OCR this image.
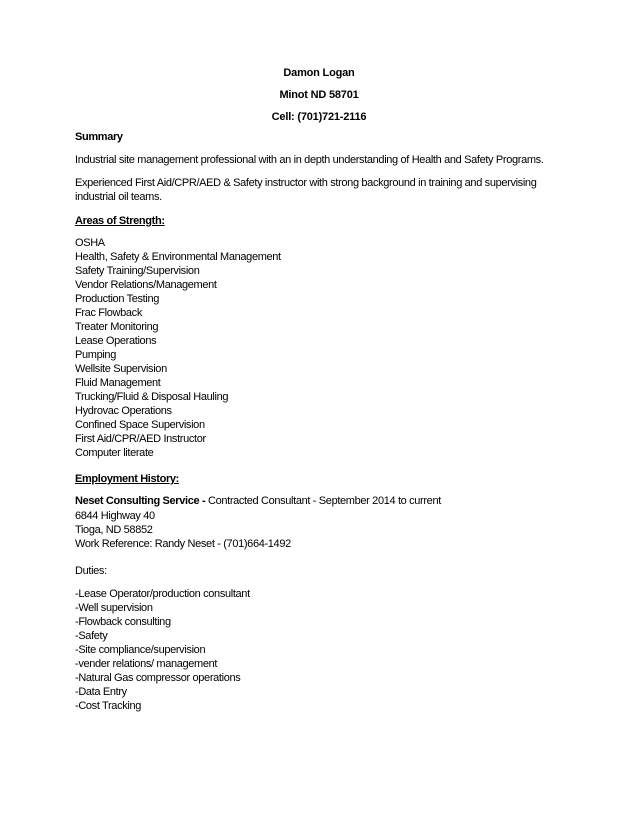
Damon Logan
Minot ND 58701
Cell: (701)721-2116
Summary
Industrial site management professional with an in depth understanding of Health and Safety Programs.
Experienced First Aid/CPR/AED & Safety instructor with strong background in training and supervising industrial oil teams.
Areas of Strength:
OSHA
Health, Safety & Environmental Management
Safety Training/Supervision
Vendor Relations/Management
Production Testing
Frac Flowback
Treater Monitoring
Lease Operations
Pumping
Wellsite Supervision
Fluid Management
Trucking/Fluid & Disposal Hauling
Hydrovac Operations
Confined Space Supervision
First Aid/CPR/AED Instructor
Computer literate
Employment History:
Neset Consulting Service - Contracted Consultant - September 2014 to current
6844 Highway 40
Tioga, ND 58852
Work Reference: Randy Neset - (701)664-1492
Duties:
-Lease Operator/production consultant
-Well supervision
-Flowback consulting
-Safety
-Site compliance/supervision
-vender relations/ management
-Natural Gas compressor operations
-Data Entry
-Cost Tracking
